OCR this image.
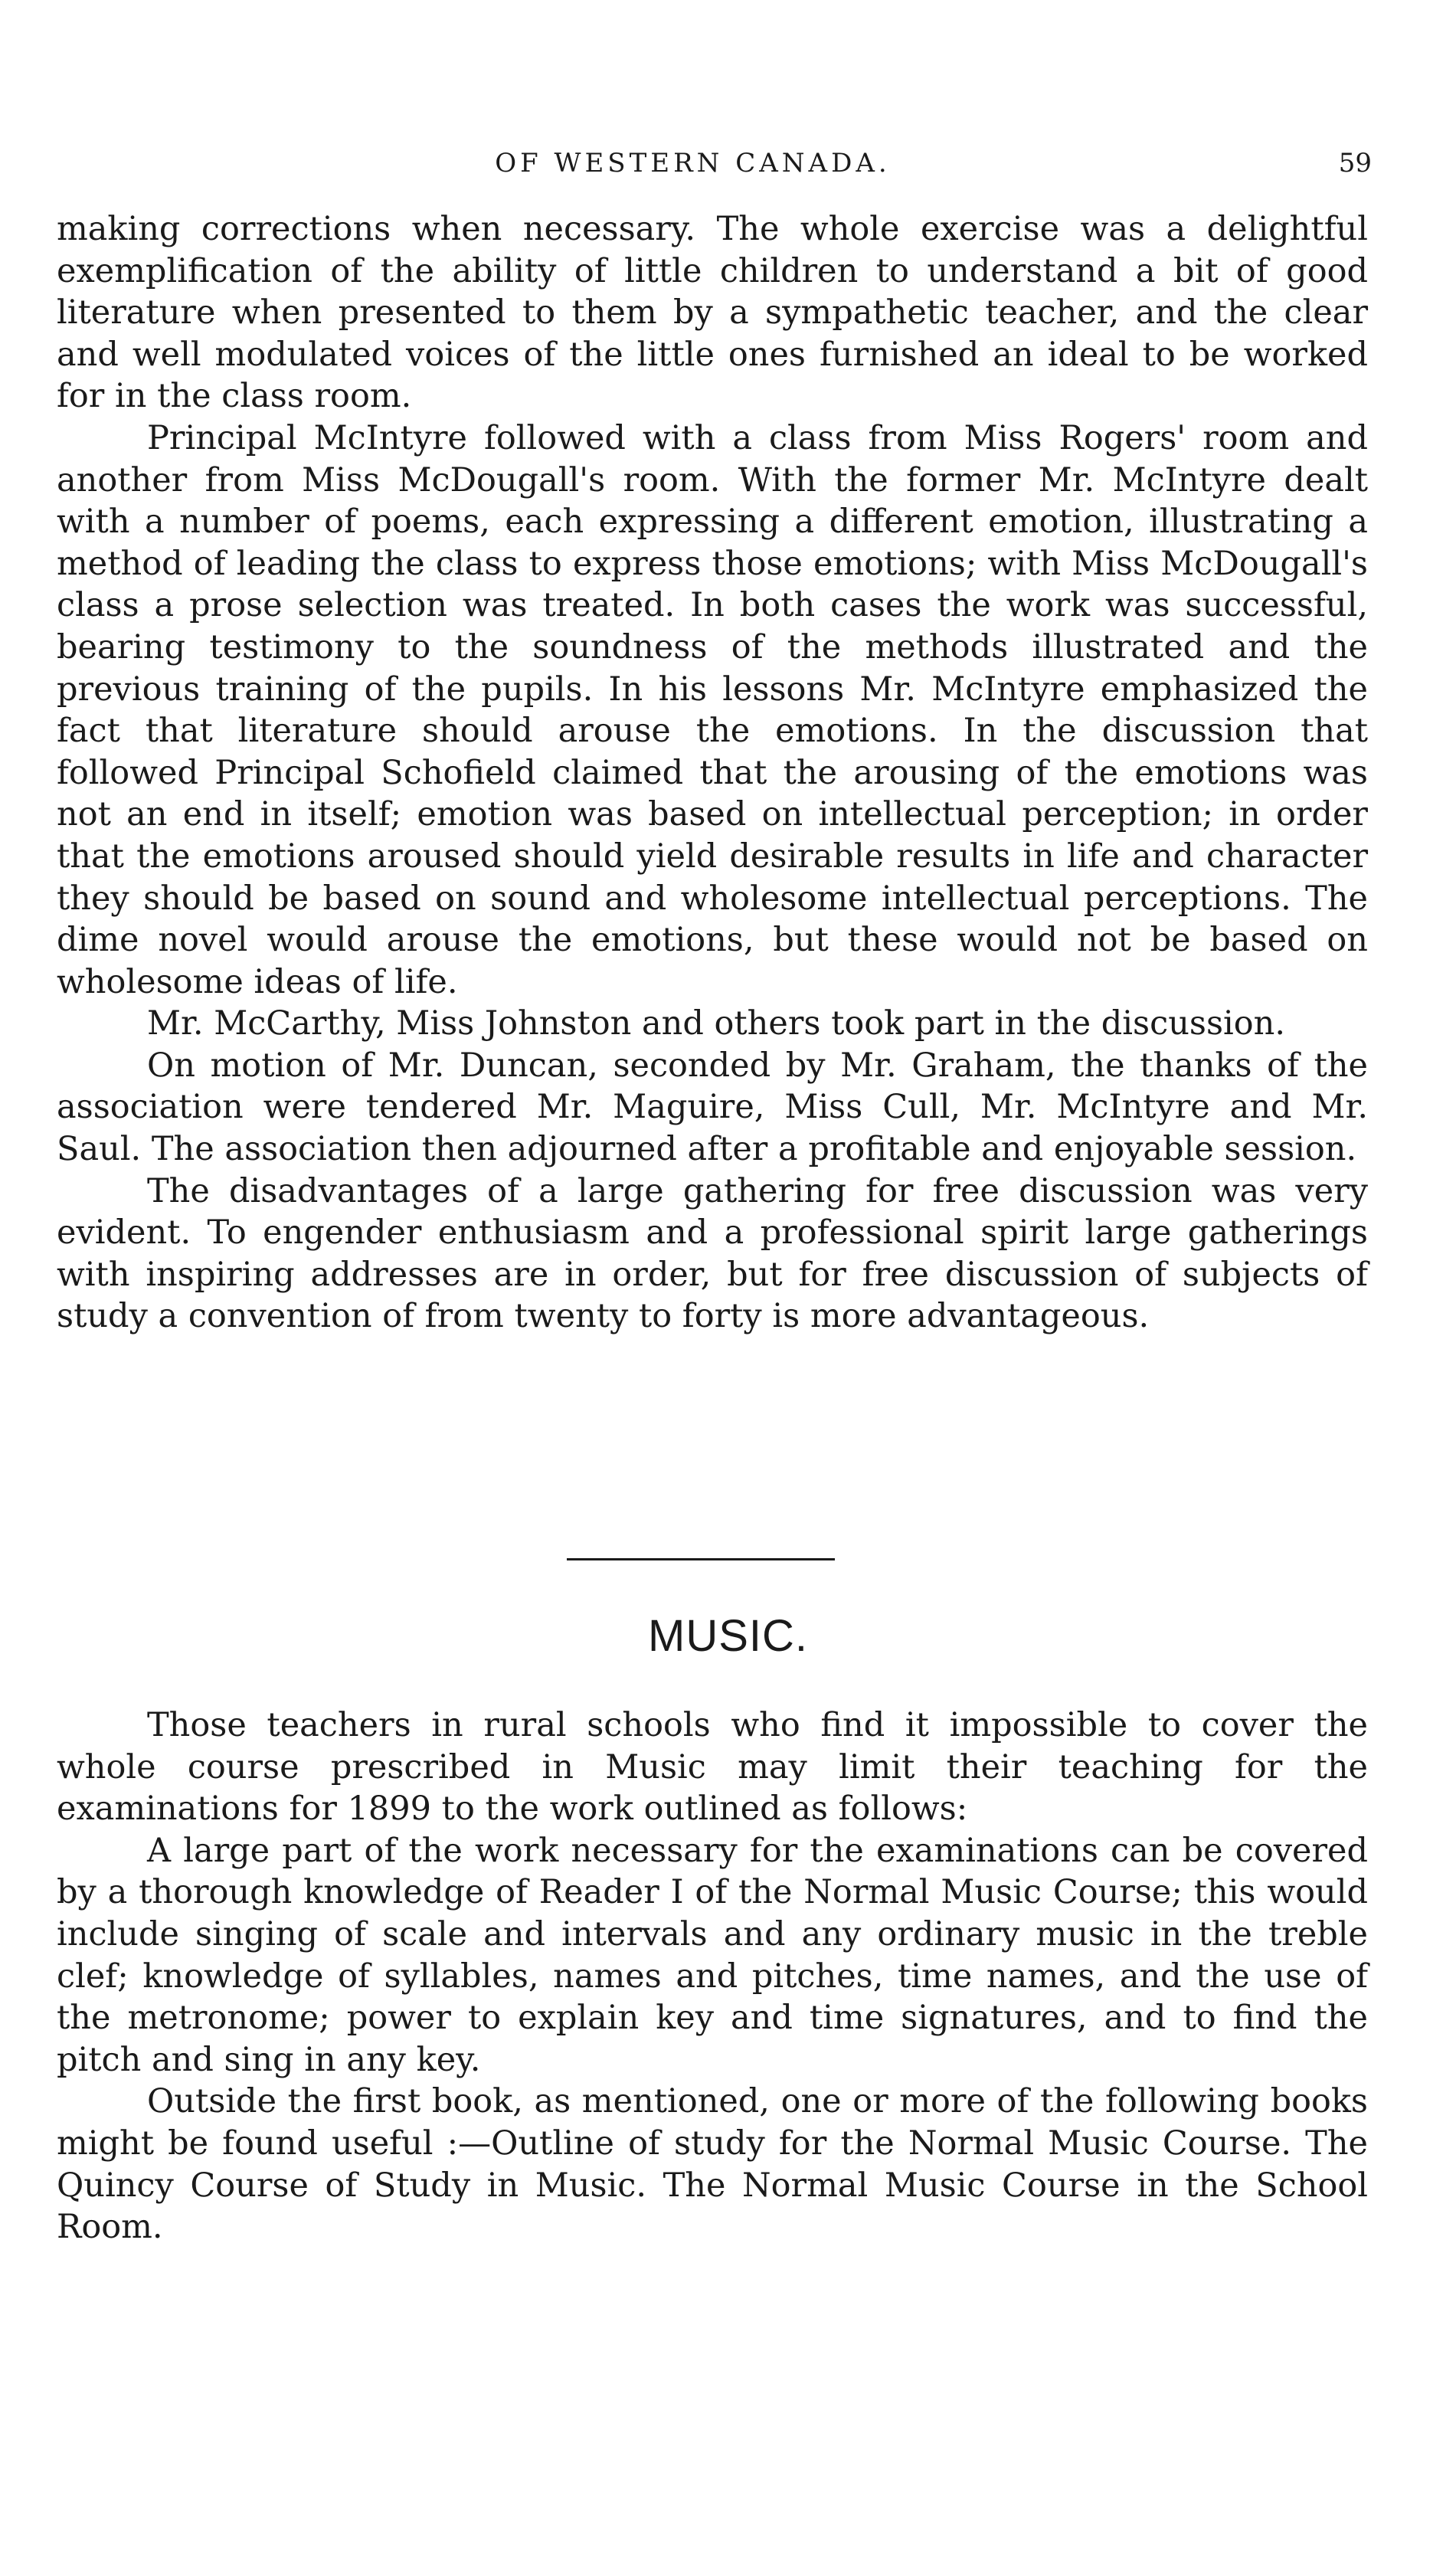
OF WESTERN CANADA.	59

making corrections when necessary. The whole exercise was a delightful exemplification of the ability of little children to understand a bit of good literature when presented to them by a sympathetic teacher, and the clear and well modulated voices of the little ones furnished an ideal to be worked for in the class room.

Principal McIntyre followed with a class from Miss Rogers' room and another from Miss McDougall's room. With the former Mr. McIntyre dealt with a number of poems, each expressing a different emotion, illustrating a method of leading the class to express those emotions; with Miss McDougall's class a prose selection was treated. In both cases the work was successful, bearing testimony to the soundness of the methods illustrated and the previous training of the pupils. In his lessons Mr. McIntyre emphasized the fact that literature should arouse the emotions. In the discussion that followed Principal Schofield claimed that the arousing of the emotions was not an end in itself; emotion was based on intellectual perception; in order that the emotions aroused should yield desirable results in life and character they should be based on sound and wholesome intellectual perceptions. The dime novel would arouse the emotions, but these would not be based on wholesome ideas of life.

Mr. McCarthy, Miss Johnston and others took part in the discussion.

On motion of Mr. Duncan, seconded by Mr. Graham, the thanks of the association were tendered Mr. Maguire, Miss Cull, Mr. McIntyre and Mr. Saul. The association then adjourned after a profitable and enjoyable session.

The disadvantages of a large gathering for free discussion was very evident. To engender enthusiasm and a professional spirit large gatherings with inspiring addresses are in order, but for free discussion of subjects of study a convention of from twenty to forty is more advantageous.

MUSIC.

Those teachers in rural schools who find it impossible to cover the whole course prescribed in Music may limit their teaching for the examinations for 1899 to the work outlined as follows:

A large part of the work necessary for the examinations can be covered by a thorough knowledge of Reader I of the Normal Music Course; this would include singing of scale and intervals and any ordinary music in the treble clef; knowledge of syllables, names and pitches, time names, and the use of the metronome; power to explain key and time signatures, and to find the pitch and sing in any key.

Outside the first book, as mentioned, one or more of the following books might be found useful :—Outline of study for the Normal Music Course. The Quincy Course of Study in Music. The Normal Music Course in the School Room.
